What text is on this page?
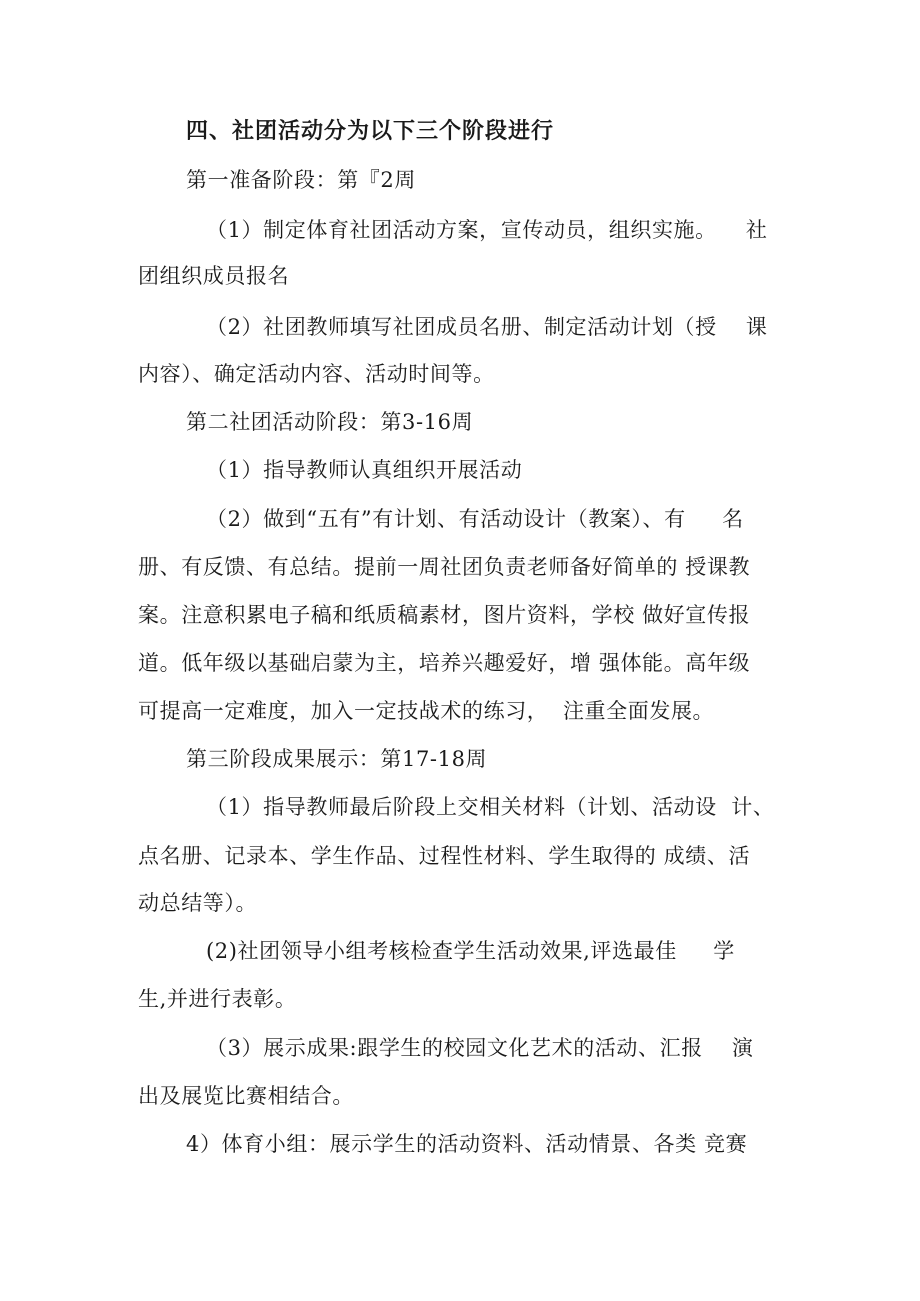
四、社团活动分为以下三个阶段进行
第一准备阶段：第『2周
（1）制定体育社团活动方案，宣传动员，组织实施。    社
团组织成员报名
（2）社团教师填写社团成员名册、制定活动计划（授    课
内容）、确定活动内容、活动时间等。
第二社团活动阶段：第3-16周
（1）指导教师认真组织开展活动
（2）做到“五有”有计划、有活动设计（教案）、有     名
册、有反馈、有总结。提前一周社团负责老师备好简单的 授课教
案。注意积累电子稿和纸质稿素材，图片资料，学校 做好宣传报
道。低年级以基础启蒙为主，培养兴趣爱好，增 强体能。高年级
可提高一定难度，加入一定技战术的练习，  注重全面发展。
第三阶段成果展示：第17-18周
（1）指导教师最后阶段上交相关材料（计划、活动设  计、
点名册、记录本、学生作品、过程性材料、学生取得的 成绩、活
动总结等）。
(2)社团领导小组考核检查学生活动效果,评选最佳     学
生,并进行表彰。
（3）展示成果:跟学生的校园文化艺术的活动、汇报    演
出及展览比赛相结合。
4）体育小组：展示学生的活动资料、活动情景、各类 竞赛
